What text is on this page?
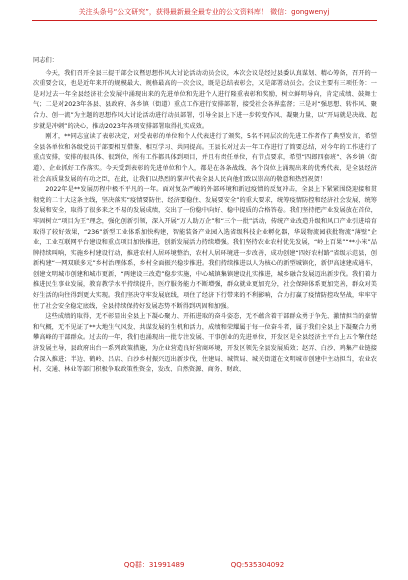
关注头条号“公文研究”，获得最新最全最专业的公文资料库！ 微信：gongwenyj

同志们：

今天，我们召开全县三提干部会议暨思想作风大讨论活动动员会议，本次会议是经过县委认真谋划、精心筹备，召开的一次重要会议，也是近年来开的规模最大、规格最高的一次会议，既是总结表彰会，又是部署动员会。会议主要有三项任务：一是对过去一年全县经济社会发展中涌现出来的先进单位和先进个人进行隆重表彰和奖励，树立鲜明导向，肯定成绩、鼓舞士气；二是对2023年各县、县政府、各乡镇（街道）重点工作进行安排部署，接受社会各界监督；三是对“强思想、转作风、聚合力、创一流”为主题的思想作风大讨论活动进行动员部署，引导全县上下进一步转变作风、凝聚力量，以“开局就是决战、起步就是冲刺”的决心，推动2023年各项安排部署取得扎实成效。

刚才，**同志宣读了表彰决定，对受表彰的单位和个人代表进行了颁奖，5名不同层次的先进工作者作了典型发言，希望全县各单位和各级党员干部要相互借鉴、相互学习、共同提高。王县长对过去一年工作进行了简要总结，对今年的工作进行了重点安排，安排的很具体、很到位，所有工作都具体到项目，并且有责任单位，有节点要求，希望“四郎四套班”、各乡镇（街道）、企业抓好工作落实。今天受到表彰的先进单位和个人，都是在各条战线、各个岗位上涌现出来的优秀代表，是全县经济社会高质量发展的有功之臣，在此，让我们以热烈的掌声代表全县人民向他们致以崇高的敬意和热烈祝贺！

2022年是**发展历程中极不平凡的一年。面对复杂严峻的外部环境和新冠疫情的反复冲击，全县上下紧紧围绕迎接和贯彻党的二十大这条主线，坚决落实“疫情要防住、经济要稳住、发展要安全”的重大要求，统筹疫情防控和经济社会发展，统筹发展和安全，取得了很多来之不易的发展成绩，交出了一份稳中向好、稳中提质的合格答卷。我们坚持把产业发展放在首位，牢固树立“项目为王”理念，强化创新引领，深入开展“万人助万企”和“三个一批”活动，传统产业改造升级和风口产业引进培育取得了较好效果，“236”新型工业体系加快构建，智能装备产业园入选省级科技企业孵化器，华晟物流园获批物流“薄壁”企业，工业互联网平台建设和重点项目加快推进，创新发展活力持续增强。我们坚持农业农村优先发展，“岭上百果”“**小米”品牌持续叫响，实施乡村建设行动，推进农村人居环境整治，农村人居环境进一步改善，成功创建“四好农村路”省级示范县，创新构建“一网双联多元”乡村治理体系，乡村全面振兴稳步推进。我们持续推进以人为核心的新型城镇化，新伊高速建成通车，创建文明城市创建和城市更新，“两建设三改造”稳步实施，中心城镇集镇建设扎实推进，城乡融合发展迈出新步伐。我们着力推进民生事业发展，教育教学水平持续提升，医疗服务能力不断增强，群众就业更加充分，社会保障体系更加完善，群众对美好生活的向往得到更大实现。我们坚决守牢发展底线，项住了经济下行带来的不利影响，合力打赢了疫情防控攻坚战，牢牢守住了社会安全稳定底线，全县持续保持好发展态势不断得到巩固和加强。

这些成绩的取得，无不彰显出全县上下凝心聚力、开拓进取的奋斗姿态，无不蕴含着干部群众勇于争先、激情担当的豪情和气概，无不见证了**大地生气风发、共谋发展的生机和活力，成绩和荣耀属于每一位奋斗者，属于我们全县上下凝聚合力勇攀高峰的干部群众。过去的一年，我们也涌现出一批专注发展、干事创业的先进单位，开发区是全县经济主平台上五个擎住经济发展主导，县政府出台一系列政策措施，为企业营造良好营商环境，开发区领先全县发展质效；赵弄、白沙、鸡集产业链接合深入推进；半边、鹤岭、吕店、白沙乡村振兴迈出新步伐，住建局、城管局、城关街道在文明城市创建中主动担当，农业农村、交通、林业等部门积极争取政策性资金，发改、自然资源、商务、财政、

QQ群：31991489	QQ:535304092
